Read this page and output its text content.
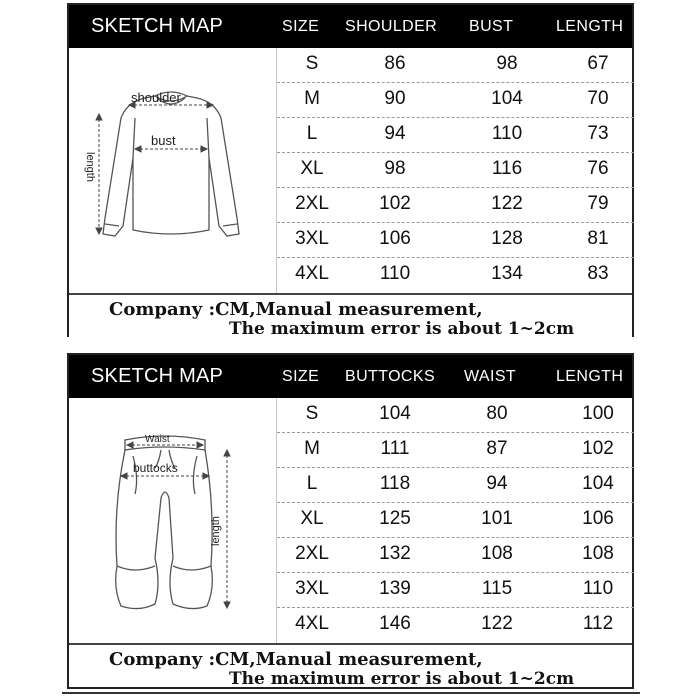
SKETCH MAP	SIZE SHOULDER BUST	LENGTH
shoulder
bust
length
S	86	98	67
M	90	104	70
L	94	110	73
XL	98	116	76
2XL	102	122	79
3XL	106	128	81
4XL	110	134	83
Company :CM,Manual measurement,
The maximum error is about 1~2cm
SKETCH MAP	SIZE BUTTOCKS WAIST LENGTH
Waist
buttocks
length
S	104	80	100
M	111	87	102
L	118	94	104
XL	125	101	106
2XL	132	108	108
3XL	139	115	110
4XL	146	122	112
Company :CM,Manual measurement,
The maximum error is about 1~2cm
